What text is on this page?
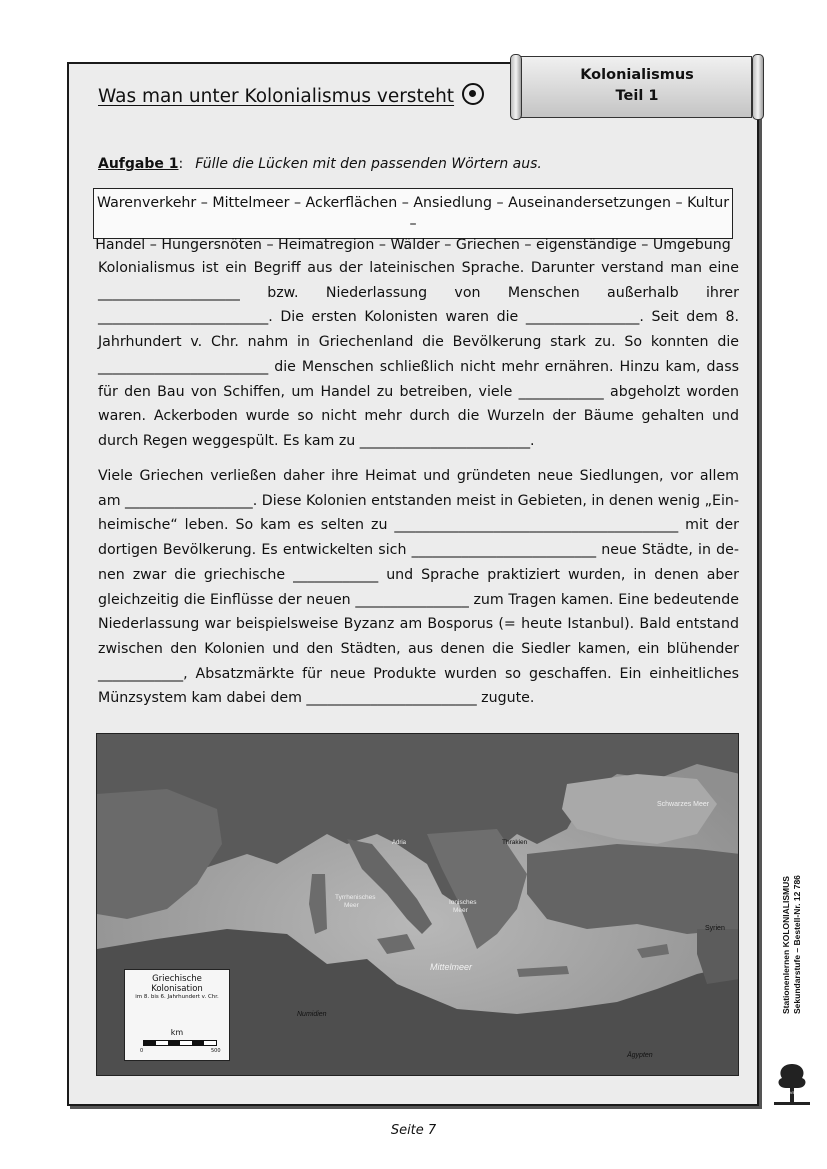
Was man unter Kolonialismus versteht
Kolonialismus
Teil 1
Aufgabe 1: Fülle die Lücken mit den passenden Wörtern aus.
Warenverkehr – Mittelmeer – Ackerflächen – Ansiedlung – Auseinandersetzungen – Kultur –
Handel – Hungersnöten – Heimatregion – Wälder – Griechen – eigenständige – Umgebung
Kolonialismus ist ein Begriff aus der lateinischen Sprache. Darunter verstand man eine ____________________ bzw. Niederlassung von Menschen außerhalb ihrer ________________________. Die ersten Kolonisten waren die ________________. Seit dem 8. Jahrhundert v. Chr. nahm in Griechenland die Bevölkerung stark zu. So konnten die ________________________ die Menschen schließlich nicht mehr ernähren. Hinzu kam, dass für den Bau von Schiffen, um Handel zu betreiben, viele ____________ abgeholzt worden waren. Ackerboden wurde so nicht mehr durch die Wurzeln der Bäume gehalten und durch Regen weggespült. Es kam zu ________________________.
Viele Griechen verließen daher ihre Heimat und gründeten neue Siedlungen, vor allem am __________________. Diese Kolonien entstanden meist in Gebieten, in denen wenig „Einheimische“ leben. So kam es selten zu ________________________________________ mit der dortigen Bevölkerung. Es entwickelten sich __________________________ neue Städte, in denen zwar die griechische ____________ und Sprache praktiziert wurden, in denen aber gleichzeitig die Einflüsse der neuen ________________ zum Tragen kamen. Eine bedeutende Niederlassung war beispielsweise Byzanz am Bosporus (= heute Istanbul). Bald entstand zwischen den Kolonien und den Städten, aus denen die Siedler kamen, ein blühender ____________, Absatzmärkte für neue Produkte wurden so geschaffen. Ein einheitliches Münzsystem kam dabei dem ________________________ zugute.
Schwarzes Meer
Tyrrhenisches
Meer	Ionisches
Meer
Mittelmeer
Numidien
Ägypten
Syrien
Thrakien
Adria
Griechische Kolonisation
im 8. bis 6. Jahrhundert v. Chr.
km
0	500
Stationenlernen KOLONIALISMUS Sekundarstufe – Bestell-Nr. 12 786
KOHL VERLAG
Seite 7
